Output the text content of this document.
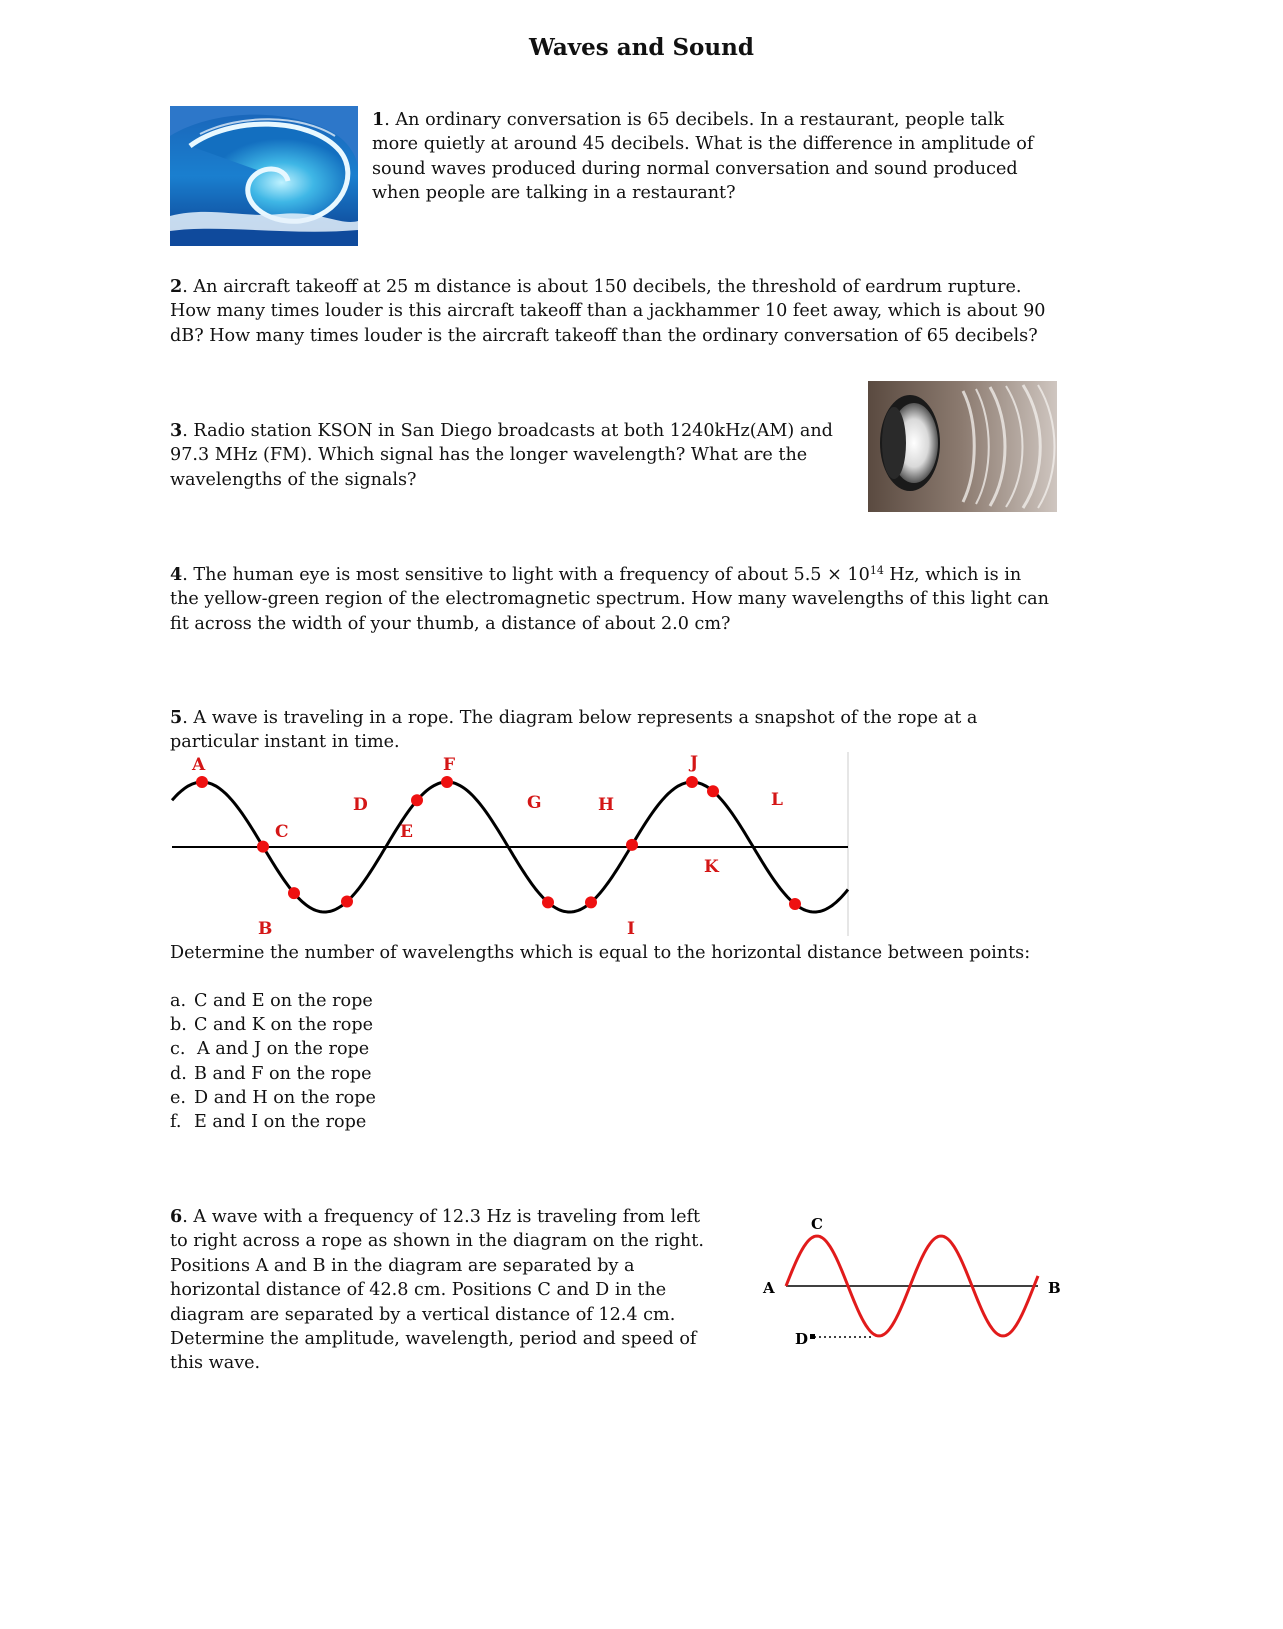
Waves and Sound
1. An ordinary conversation is 65 decibels. In a restaurant, people talk more quietly at around 45 decibels. What is the difference in amplitude of sound waves produced during normal conversation and sound produced when people are talking in a restaurant?
2. An aircraft takeoff at 25 m distance is about 150 decibels, the threshold of eardrum rupture. How many times louder is this aircraft takeoff than a jackhammer 10 feet away, which is about 90 dB? How many times louder is the aircraft takeoff than the ordinary conversation of 65 decibels?
3. Radio station KSON in San Diego broadcasts at both 1240kHz(AM) and 97.3 MHz (FM). Which signal has the longer wavelength? What are the wavelengths of the signals?
4. The human eye is most sensitive to light with a frequency of about $5.5 \times 10^{14}$ Hz, which is in the yellow-green region of the electromagnetic spectrum. How many wavelengths of this light can fit across the width of your thumb, a distance of about 2.0 cm?
5. A wave is traveling in a rope. The diagram below represents a snapshot of the rope at a particular instant in time.
A
B
C
D
E
F
G	H
I
J
K
L
Determine the number of wavelengths which is equal to the horizontal distance between points:
a. C and E on the rope
b. C and K on the rope
c. A and J on the rope
d. B and F on the rope
e. D and H on the rope
f. E and I on the rope
6. A wave with a frequency of 12.3 Hz is traveling from left to right across a rope as shown in the diagram on the right. Positions A and B in the diagram are separated by a horizontal distance of 42.8 cm. Positions C and D in the diagram are separated by a vertical distance of 12.4 cm. Determine the amplitude, wavelength, period and speed of this wave.
C
A	B
D
